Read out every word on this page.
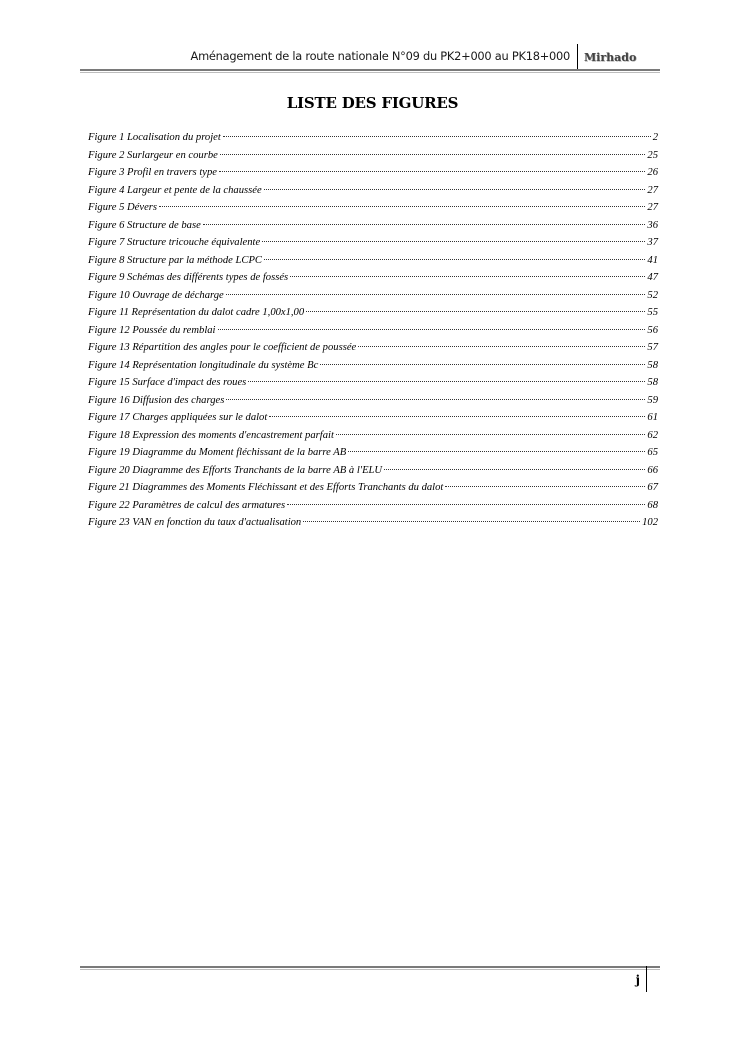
Aménagement de la route nationale N°09 du PK2+000 au PK18+000 Mirhado
LISTE DES FIGURES
Figure 1 Localisation du projet	2
Figure 2 Surlargeur en courbe	25
Figure 3 Profil en travers type	26
Figure 4 Largeur et pente de la chaussée	27
Figure 5 Dévers	27
Figure 6 Structure de base	36
Figure 7 Structure tricouche équivalente	37
Figure 8 Structure par la méthode LCPC	41
Figure 9 Schémas des différents types de fossés	47
Figure 10 Ouvrage de décharge	52
Figure 11 Représentation du dalot cadre 1,00x1,00	55
Figure 12 Poussée du remblai	56
Figure 13 Répartition des angles pour le coefficient de poussée	57
Figure 14 Représentation longitudinale du système Bc	58
Figure 15 Surface d'impact des roues	58
Figure 16 Diffusion des charges	59
Figure 17 Charges appliquées sur le dalot	61
Figure 18 Expression des moments d'encastrement parfait	62
Figure 19 Diagramme du Moment fléchissant de la barre AB	65
Figure 20 Diagramme des Efforts Tranchants de la barre AB à l'ELU	66
Figure 21 Diagrammes des Moments Fléchissant et des Efforts Tranchants du dalot	67
Figure 22 Paramètres de calcul des armatures	68
Figure 23 VAN en fonction du taux d'actualisation	102
j
